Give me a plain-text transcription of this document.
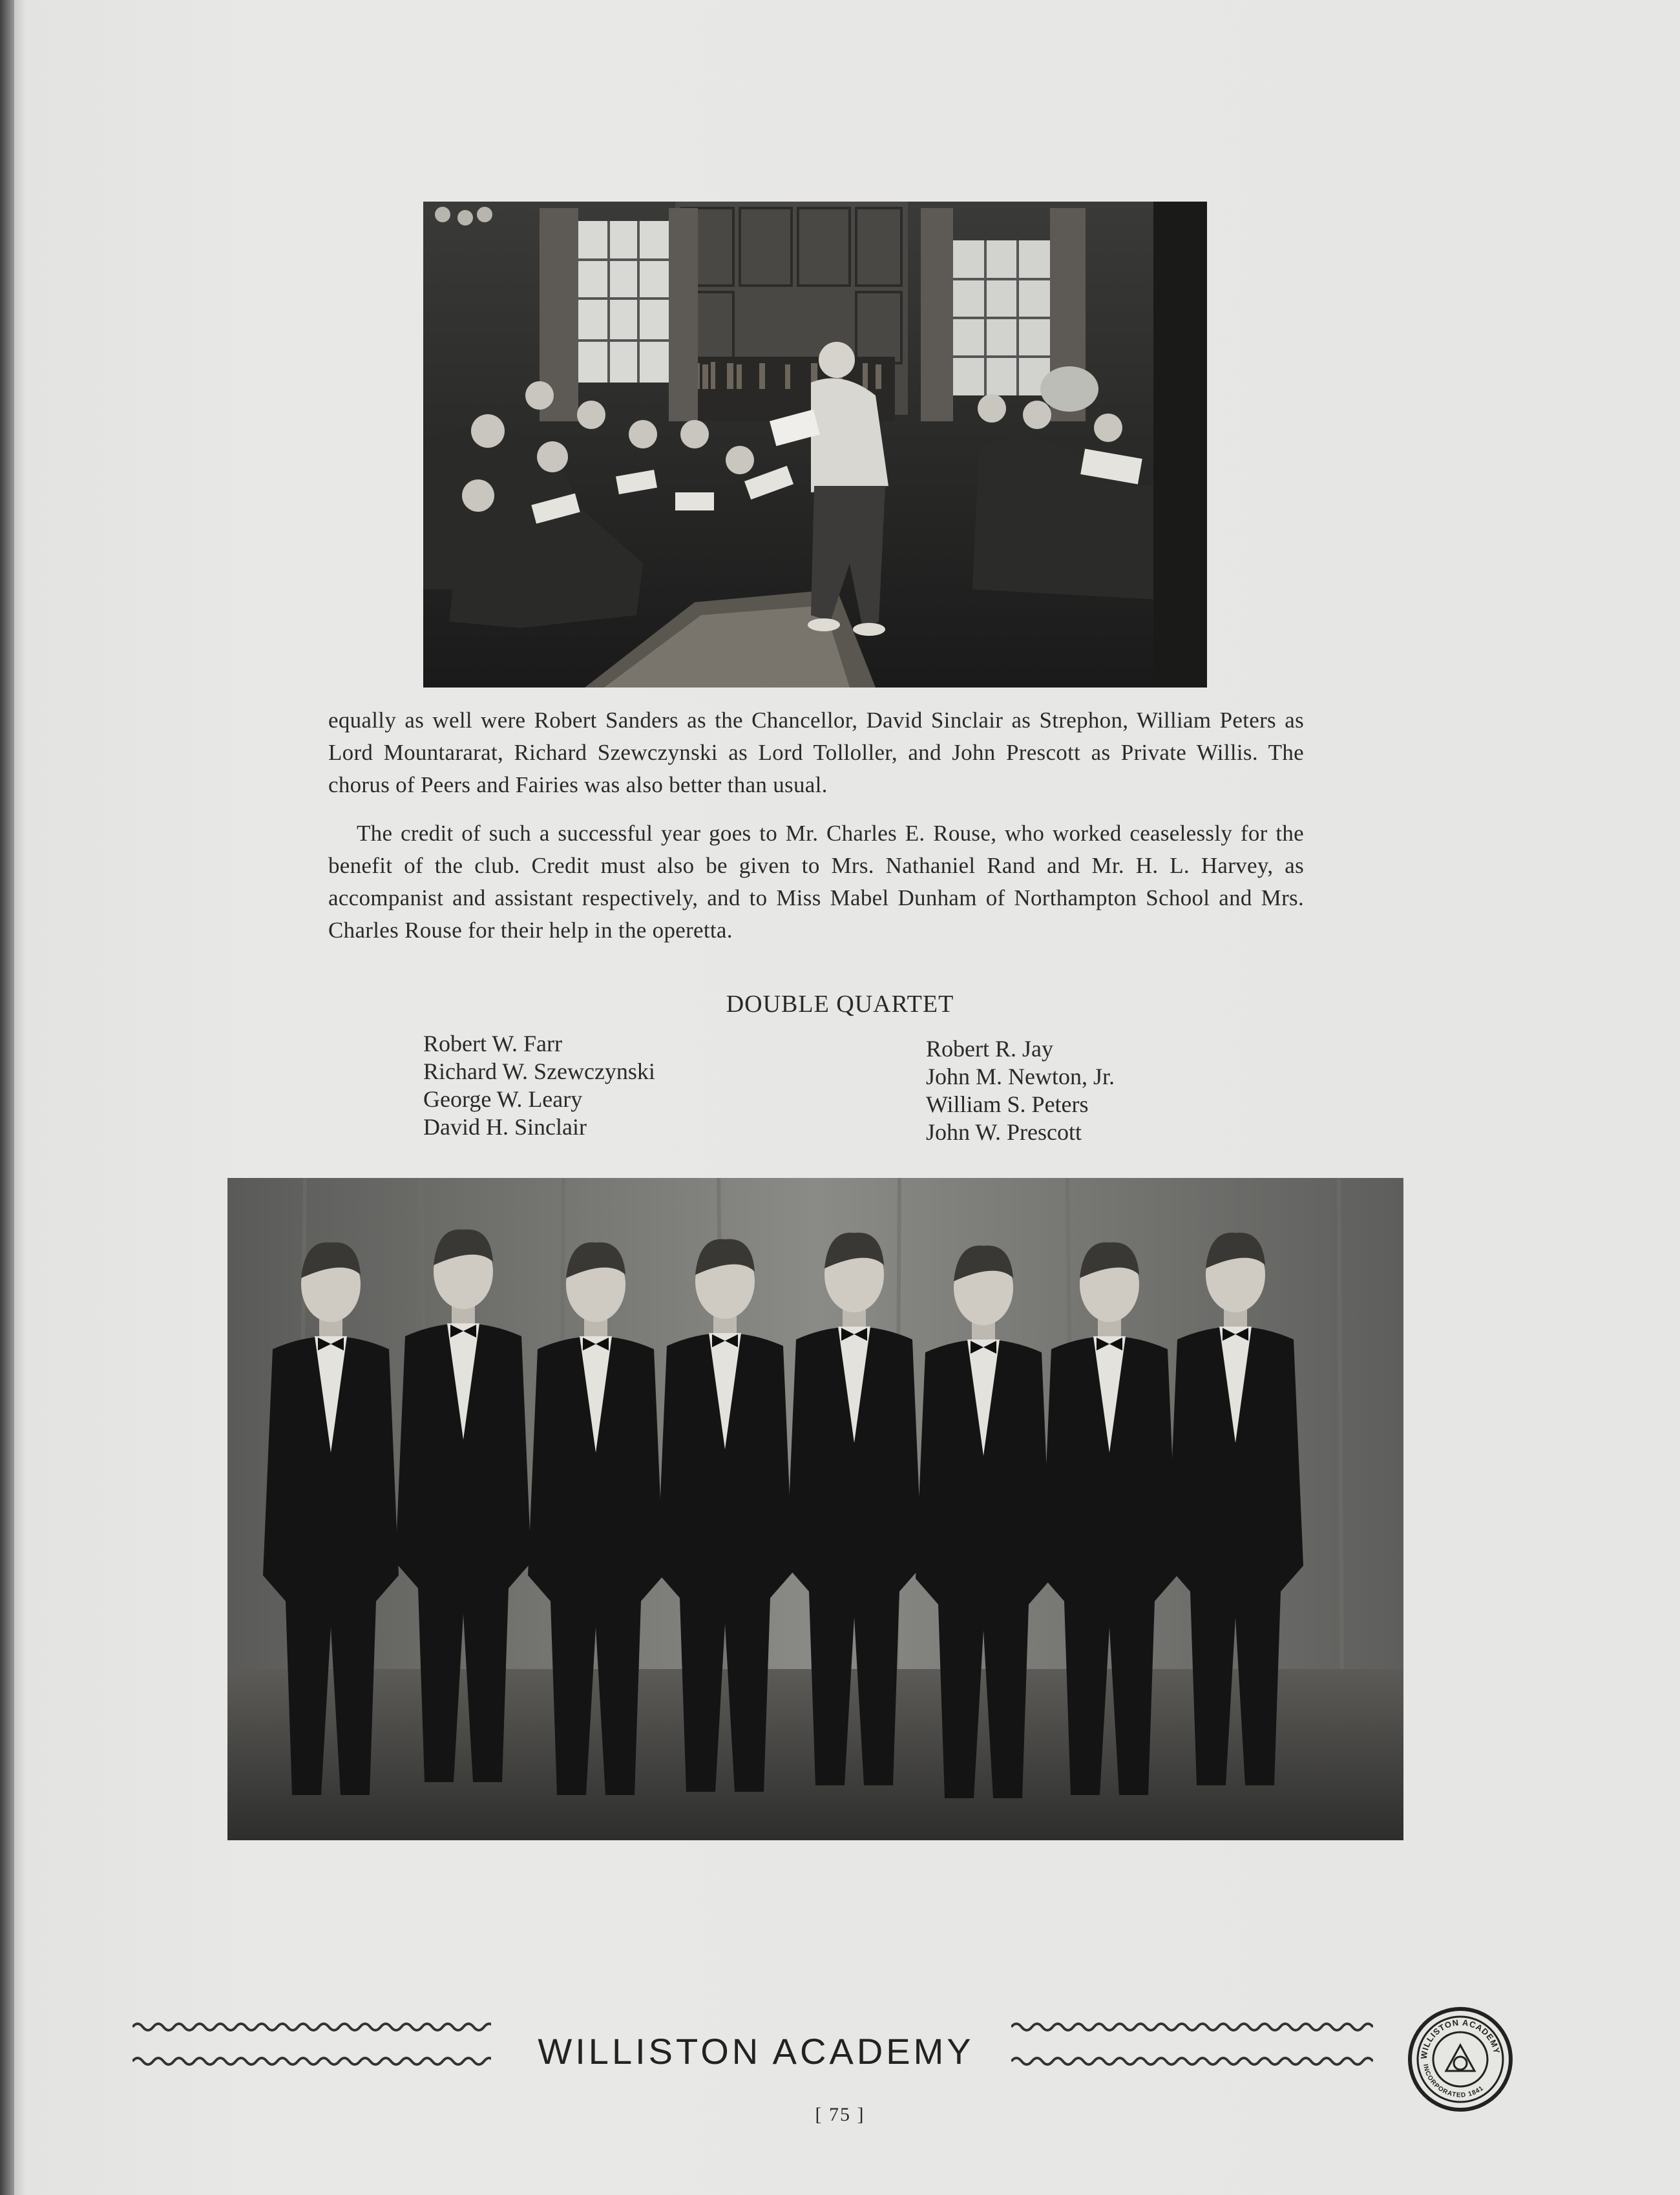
equally as well were Robert Sanders as the Chancellor, David Sinclair as Strephon, William Peters as Lord Mountararat, Richard Szewczynski as Lord Tolloller, and John Prescott as Private Willis. The chorus of Peers and Fairies was also better than usual.
The credit of such a successful year goes to Mr. Charles E. Rouse, who worked ceaselessly for the benefit of the club. Credit must also be given to Mrs. Nathaniel Rand and Mr. H. L. Harvey, as accompanist and assistant respectively, and to Miss Mabel Dunham of Northampton School and Mrs. Charles Rouse for their help in the operetta.
DOUBLE QUARTET
Robert W. Farr
Richard W. Szewczynski
George W. Leary
David H. Sinclair
Robert R. Jay
John M. Newton, Jr.
William S. Peters
John W. Prescott
WILLISTON ACADEMY	WILLISTON ACADEMY
INCORPORATED 1841
[ 75 ]
